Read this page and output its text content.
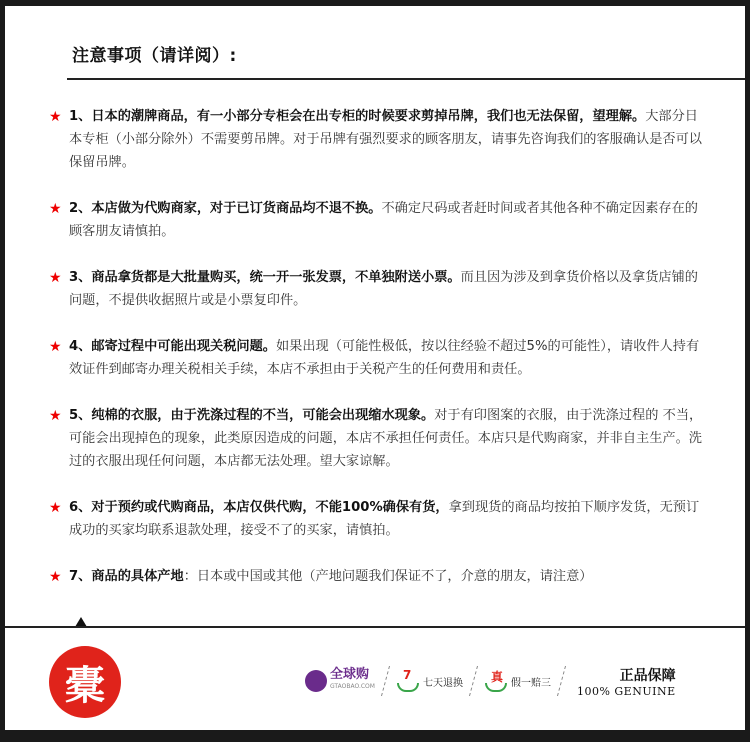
注意事项（请详阅）:
★ 1、日本的潮牌商品，有一小部分专柜会在出专柜的时候要求剪掉吊牌，我们也无法保留，望理解。大部分日本专柜（小部分除外）不需要剪吊牌。对于吊牌有强烈要求的顾客朋友，请事先咨询我们的客服确认是否可以保留吊牌。
★ 2、本店做为代购商家，对于已订货商品均不退不换。不确定尺码或者赶时间或者其他各种不确定因素存在的顾客朋友请慎拍。
★ 3、商品拿货都是大批量购买，统一开一张发票，不单独附送小票。而且因为涉及到拿货价格以及拿货店铺的问题，不提供收据照片或是小票复印件。
★ 4、邮寄过程中可能出现关税问题。如果出现（可能性极低，按以往经验不超过5%的可能性），请收件人持有效证件到邮寄办理关税相关手续，本店不承担由于关税产生的任何费用和责任。
★ 5、纯棉的衣服，由于洗涤过程的不当，可能会出现缩水现象。对于有印图案的衣服，由于洗涤过程的 不当，可能会出现掉色的现象，此类原因造成的问题，本店不承担任何责任。本店只是代购商家，并非自主生产。洗过的衣服出现任何问题，本店都无法处理。望大家谅解。
★ 6、对于预约或代购商品，本店仅供代购，不能100%确保有货，拿到现货的商品均按拍下顺序发货，无预订成功的买家均联系退款处理，接受不了的买家，请慎拍。
★ 7、商品的具体产地：日本或中国或其他（产地问题我们保证不了，介意的朋友，请注意）
橐	全球购
GTAOBAO.COM
7
七天退换 真 假一赔三	正品保障
100% GENUINE
